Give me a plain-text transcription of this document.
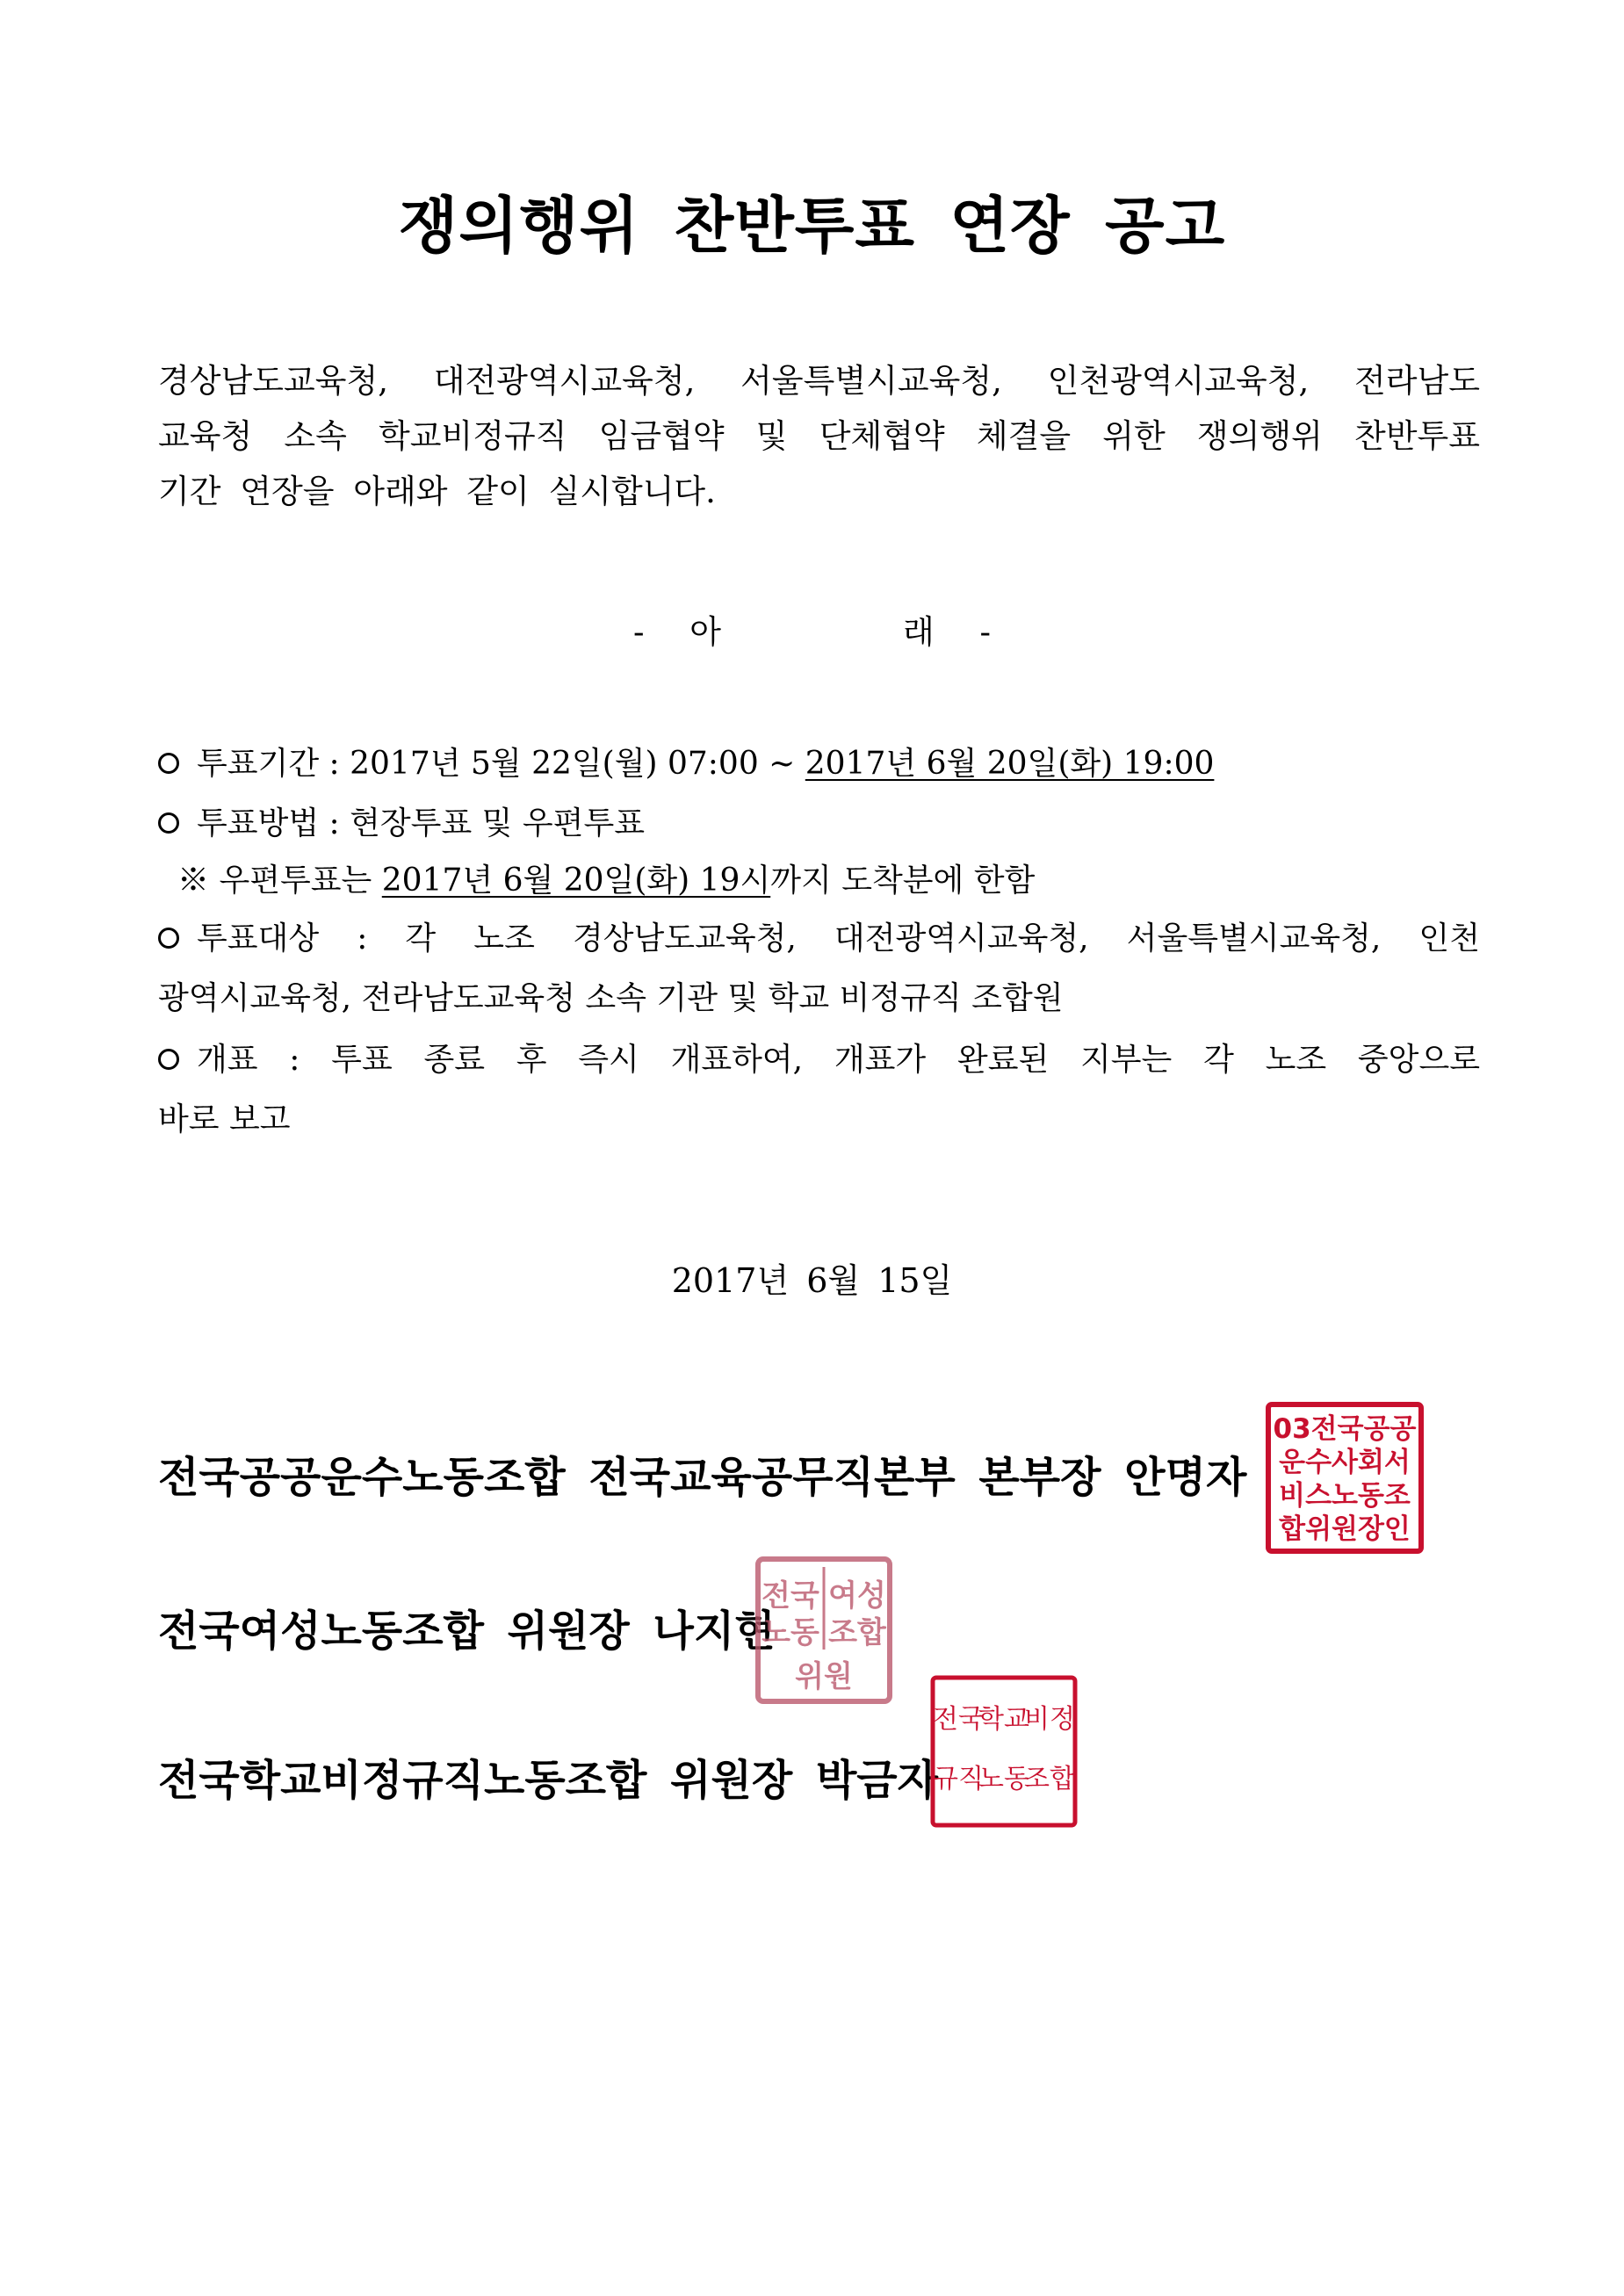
쟁의행위 찬반투표 연장 공고
경상남도교육청, 대전광역시교육청, 서울특별시교육청, 인천광역시교육청, 전라남도
교육청 소속 학교비정규직 임금협약 및 단체협약 체결을 위한 쟁의행위 찬반투표
기간 연장을 아래와 같이 실시합니다.
- 아    래 -
투표기간 : 2017년 5월 22일(월) 07:00 ~ 2017년 6월 20일(화) 19:00
투표방법 : 현장투표 및 우편투표
※ 우편투표는 2017년 6월 20일(화) 19시까지 도착분에 한함
투표대상 : 각 노조 경상남도교육청, 대전광역시교육청, 서울특별시교육청, 인천
광역시교육청, 전라남도교육청 소속 기관 및 학교 비정규직 조합원
개표 : 투표 종료 후 즉시 개표하여, 개표가 완료된 지부는 각 노조 중앙으로
바로 보고
2017년 6월 15일
전국공공운수노동조합 전국교육공무직본부 본부장 안명자
전국여성노동조합 위원장 나지현
전국학교비정규직노동조합 위원장 박금자
03전국공공
운수사회서
비스노동조
합위원장인
전국 여성
노동 조합
위원
전국
학교
비정
규직
노동
조합
